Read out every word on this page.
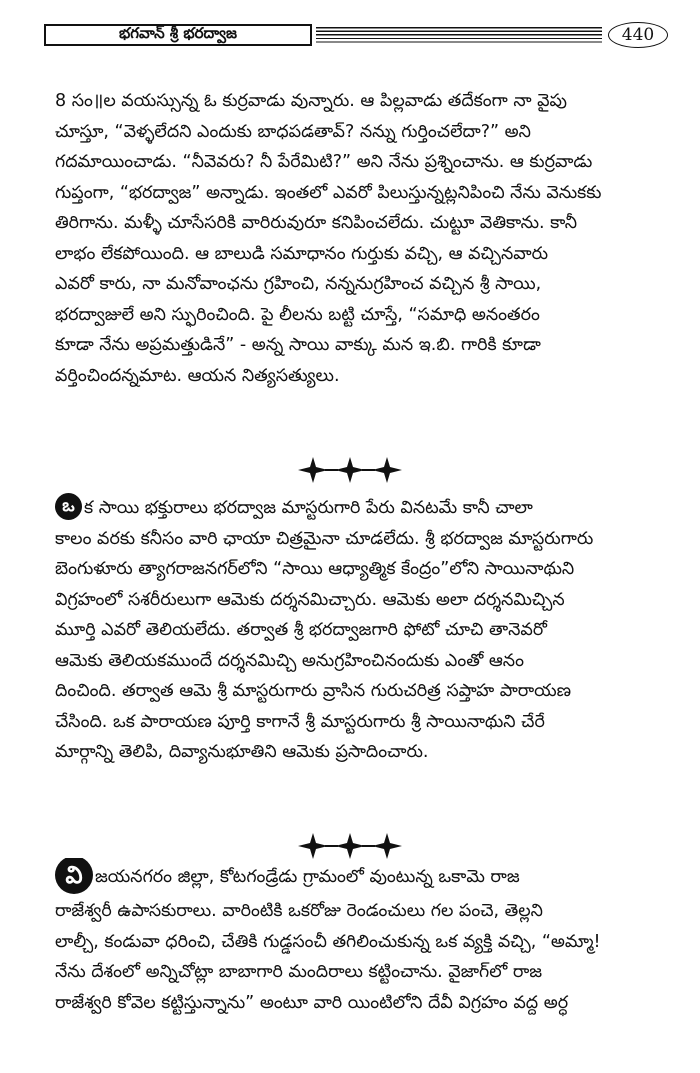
భగవాన్ శ్రీ భరద్వాజ	440
8 సం॥ల వయస్సున్న ఓ కుర్రవాడు వున్నారు. ఆ పిల్లవాడు తదేకంగా నా వైపు
చూస్తూ, “వెళ్ళలేదని ఎందుకు బాధపడతావ్? నన్ను గుర్తించలేదా?” అని
గదమాయించాడు. “నీవెవరు? నీ పేరేమిటి?” అని నేను ప్రశ్నించాను. ఆ కుర్రవాడు
గుప్తంగా, “భరద్వాజ” అన్నాడు. ఇంతలో ఎవరో పిలుస్తున్నట్లనిపించి నేను వెనుకకు
తిరిగాను. మళ్ళీ చూసేసరికి వారిరువురూ కనిపించలేదు. చుట్టూ వెతికాను. కానీ
లాభం లేకపోయింది. ఆ బాలుడి సమాధానం గుర్తుకు వచ్చి, ఆ వచ్చినవారు
ఎవరో కారు, నా మనోవాంఛను గ్రహించి, నన్ననుగ్రహించ వచ్చిన శ్రీ సాయి,
భరద్వాజులే అని స్ఫురించింది. పై లీలను బట్టి చూస్తే, “సమాధి అనంతరం
కూడా నేను అప్రమత్తుడినే” - అన్న సాయి వాక్కు మన ఇ.బి. గారికి కూడా
వర్తించిందన్నమాట. ఆయన నిత్యసత్యులు.
ఒ క సాయి భక్తురాలు భరద్వాజ మాస్టరుగారి పేరు వినటమే కానీ చాలా
కాలం వరకు కనీసం వారి ఛాయా చిత్రమైనా చూడలేదు. శ్రీ భరద్వాజ మాస్టరుగారు
బెంగుళూరు త్యాగరాజనగర్‌లోని “సాయి ఆధ్యాత్మిక కేంద్రం”లోని సాయినాథుని
విగ్రహంలో సశరీరులుగా ఆమెకు దర్శనమిచ్చారు. ఆమెకు అలా దర్శనమిచ్చిన
మూర్తి ఎవరో తెలియలేదు. తర్వాత శ్రీ భరద్వాజగారి ఫోటో చూచి తానెవరో
ఆమెకు తెలియకముందే దర్శనమిచ్చి అనుగ్రహించినందుకు ఎంతో ఆనం
దించింది. తర్వాత ఆమె శ్రీ మాస్టరుగారు వ్రాసిన గురుచరిత్ర సప్తాహ పారాయణ
చేసింది. ఒక పారాయణ పూర్తి కాగానే శ్రీ మాస్టరుగారు శ్రీ సాయినాథుని చేరే
మార్గాన్ని తెలిపి, దివ్యానుభూతిని ఆమెకు ప్రసాదించారు.
వి జయనగరం జిల్లా, కోటగండ్రేడు గ్రామంలో వుంటున్న ఒకామె రాజ
రాజేశ్వరీ ఉపాసకురాలు. వారింటికి ఒకరోజు రెండంచులు గల పంచె, తెల్లని
లాల్చీ, కండువా ధరించి, చేతికి గుడ్డసంచీ తగిలించుకున్న ఒక వ్యక్తి వచ్చి, “అమ్మా!
నేను దేశంలో అన్నిచోట్లా బాబాగారి మందిరాలు కట్టించాను. వైజాగ్‌లో రాజ
రాజేశ్వరి కోవెల కట్టిస్తున్నాను” అంటూ వారి యింటిలోని దేవీ విగ్రహం వద్ద అర్ధ
